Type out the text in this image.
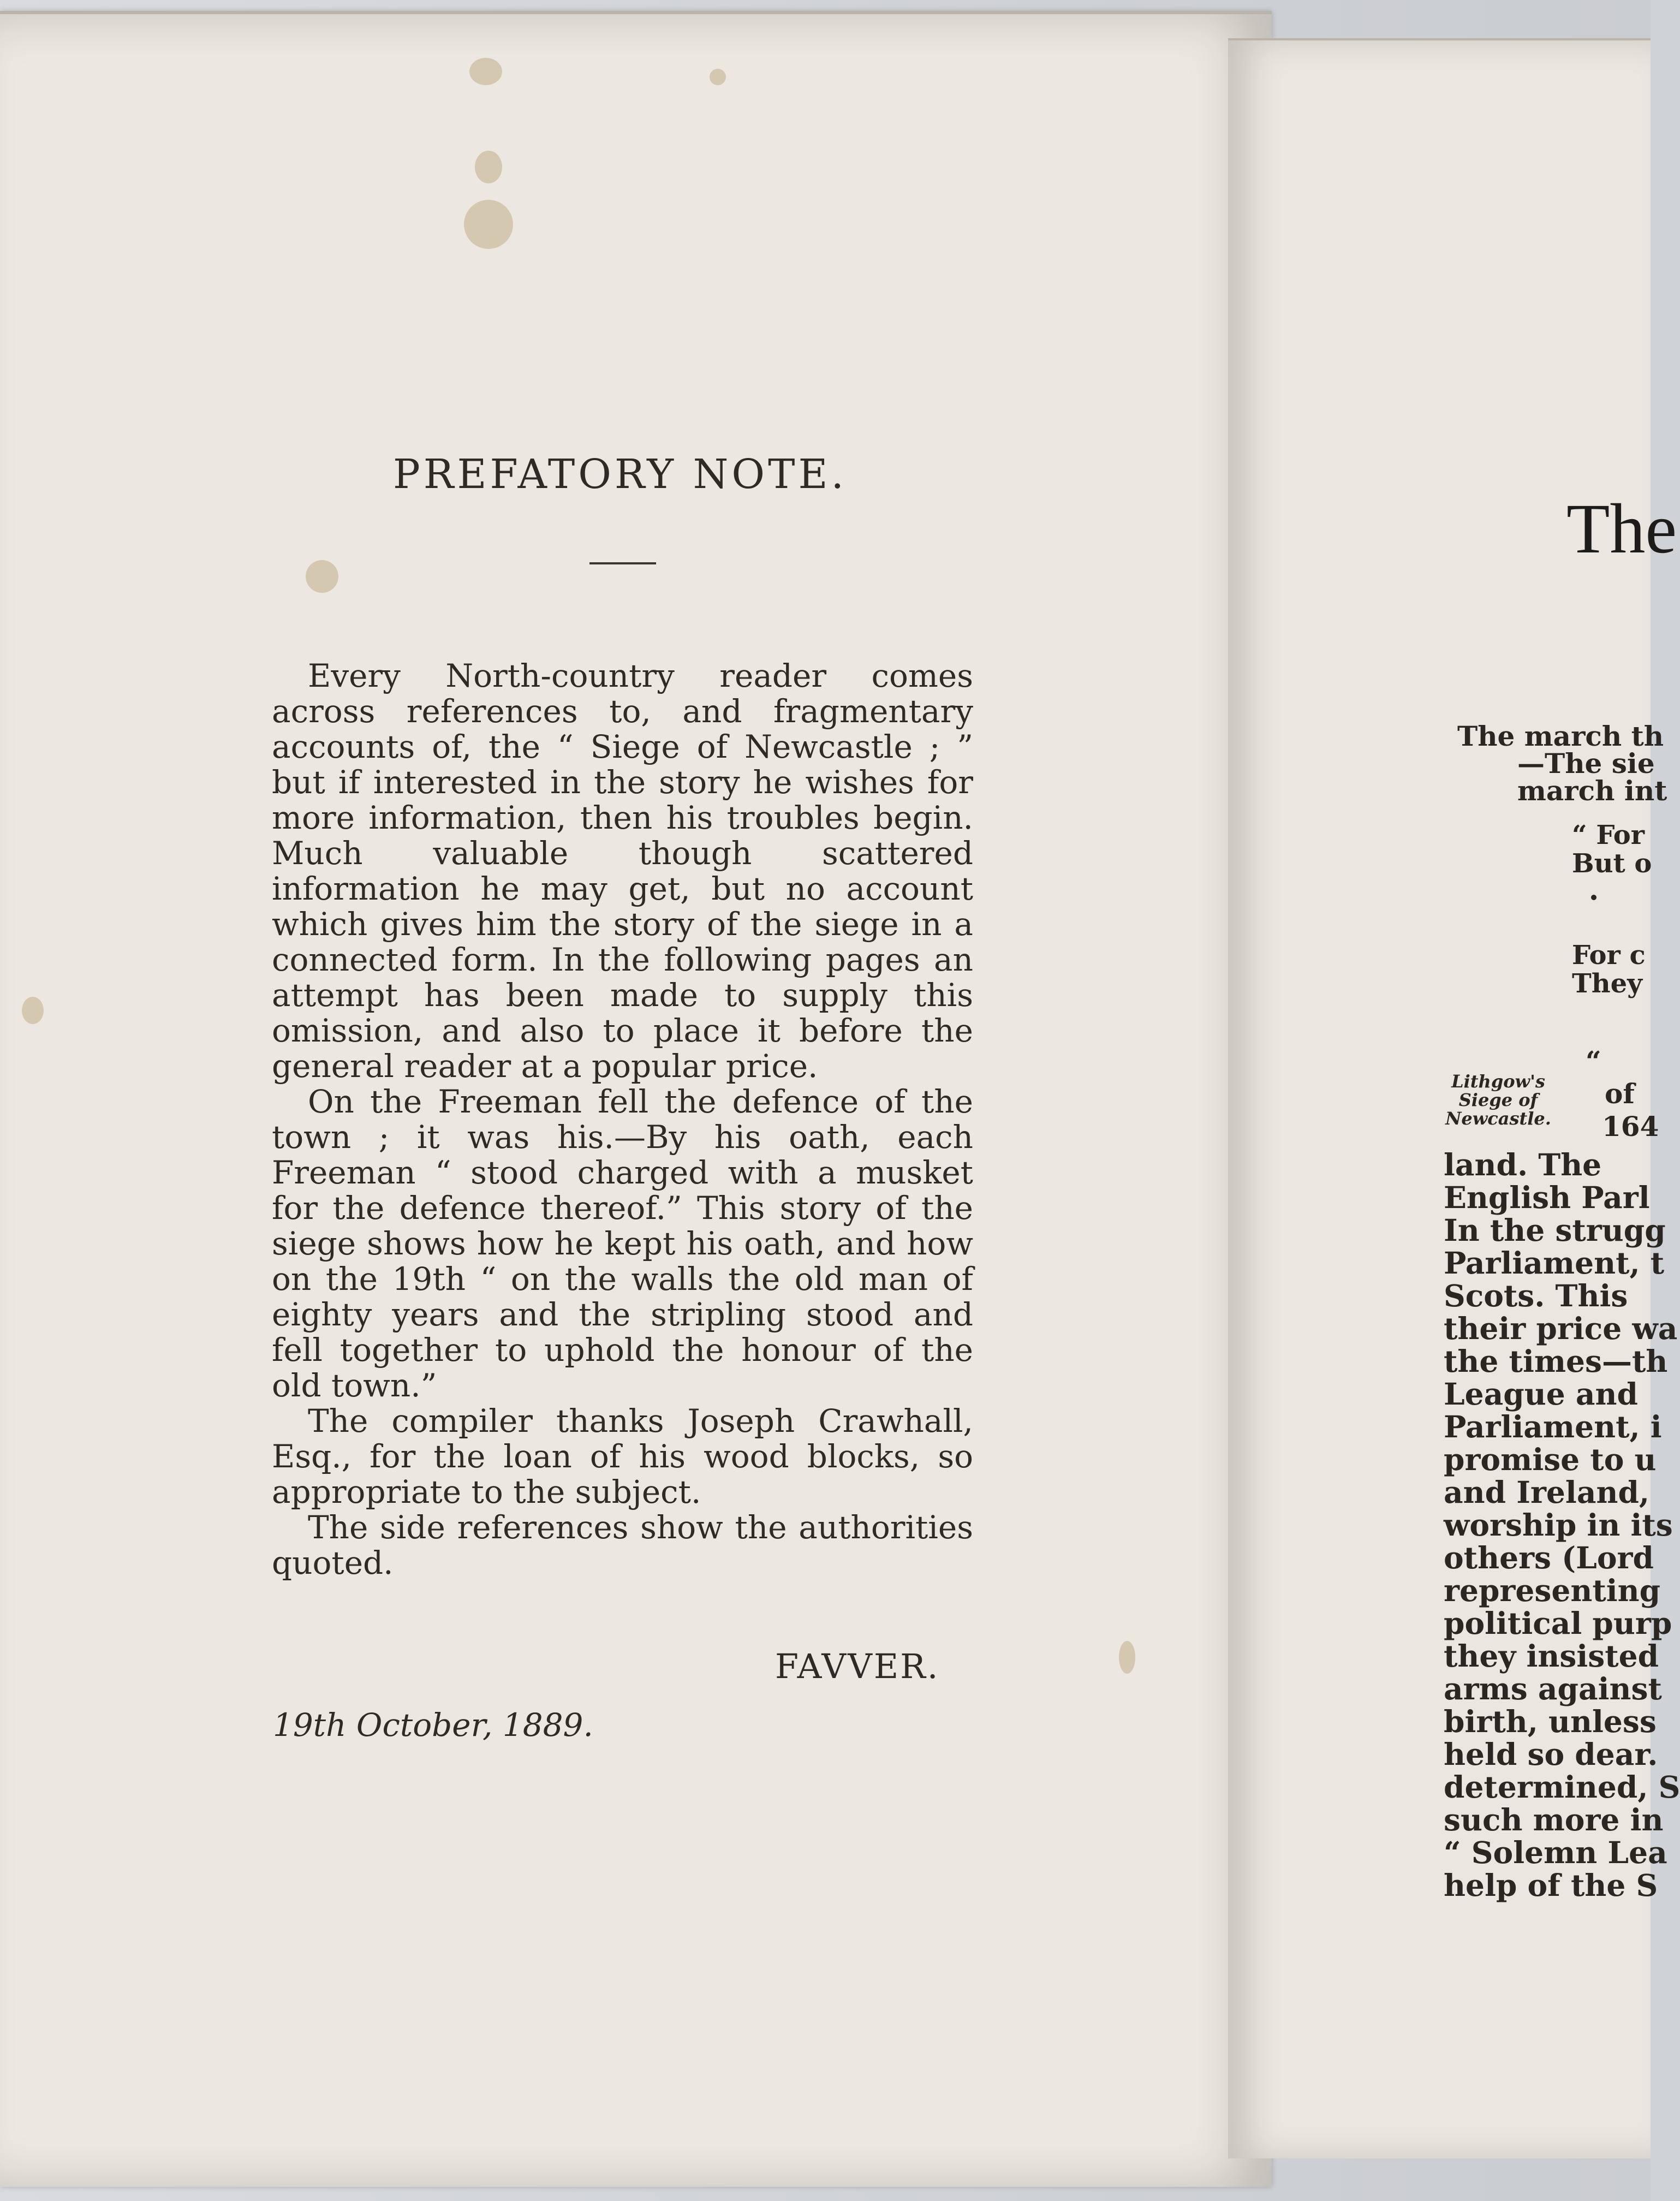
PREFATORY NOTE.

Every North-country reader comes across references to, and fragmentary accounts of, the “ Siege of Newcastle ; ” but if interested in the story he wishes for more information, then his troubles begin. Much valuable though scattered information he may get, but no account which gives him the story of the siege in a connected form. In the following pages an attempt has been made to supply this omission, and also to place it before the general reader at a popular price.

On the Freeman fell the defence of the town ; it was his.—By his oath, each Freeman “ stood charged with a musket for the defence thereof.” This story of the siege shows how he kept his oath, and how on the 19th “ on the walls the old man of eighty years and the stripling stood and fell together to uphold the honour of the old town.”

The compiler thanks Joseph Crawhall, Esq., for the loan of his wood blocks, so appropriate to the subject.

The side references show the authorities quoted.

FAVVER.
19th October, 1889.
The
The march th
—The sie
march int
“ For
But o
For c
They
“
of
164
Lithgow's
Siege of
Newcastle.
land. The
English Parl
In the strugg
Parliament, t
Scots. This
their price wa
the times—th
League and
Parliament, i
promise to u
and Ireland,
worship in its
others (Lord
representing
political purp
they insisted
arms against
birth, unless
held so dear.
determined, S
such more in
“ Solemn Lea
help of the S
